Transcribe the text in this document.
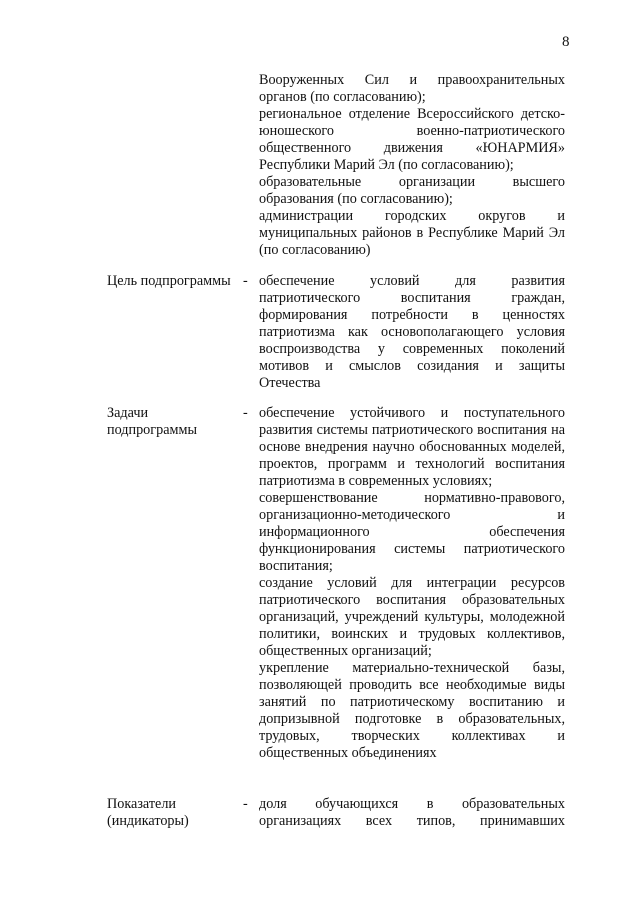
8
Вооруженных Сил и правоохранительных органов (по согласованию);
региональное отделение Всероссийского детско-юношеского военно-патриотического общественного движения «ЮНАРМИЯ» Республики Марий Эл (по согласованию);
образовательные организации высшего образования (по согласованию);
администрации городских округов и муниципальных районов в Республике Марий Эл (по согласованию)
Цель подпрограммы - обеспечение условий для развития патриотического воспитания граждан, формирования потребности в ценностях патриотизма как основополагающего условия воспроизводства у современных поколений мотивов и смыслов созидания и защиты Отечества
Задачи подпрограммы
- обеспечение устойчивого и поступательного развития системы патриотического воспитания на основе внедрения научно обоснованных моделей, проектов, программ и технологий воспитания патриотизма в современных условиях;
совершенствование нормативно-правового, организационно-методического и информационного обеспечения функционирования системы патриотического воспитания;
создание условий для интеграции ресурсов патриотического воспитания образовательных организаций, учреждений культуры, молодежной политики, воинских и трудовых коллективов, общественных организаций;
укрепление материально-технической базы, позволяющей проводить все необходимые виды занятий по патриотическому воспитанию и допризывной подготовке в образовательных, трудовых, творческих коллективах и общественных объединениях
Показатели (индикаторы)
- доля обучающихся в образовательных организациях всех типов, принимавших
